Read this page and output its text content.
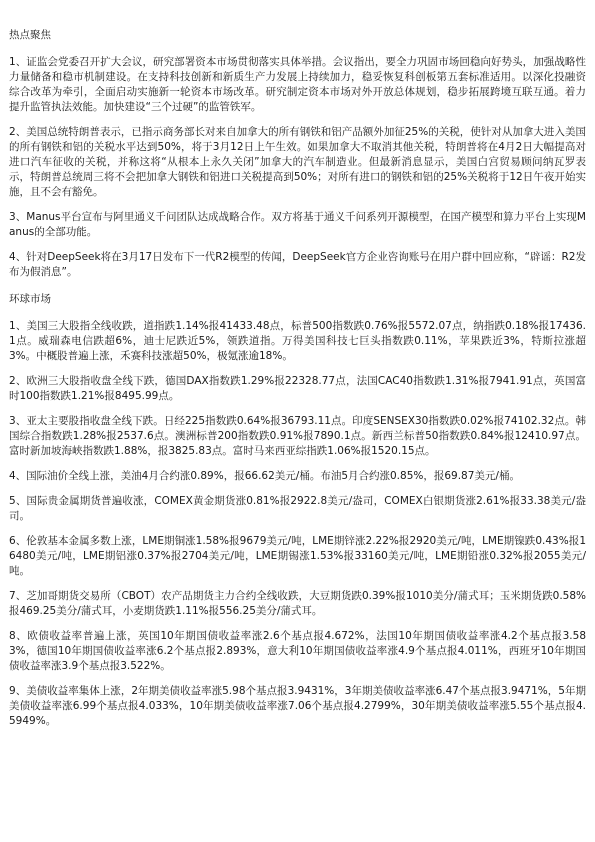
热点聚焦

1、证监会党委召开扩大会议，研究部署资本市场贯彻落实具体举措。会议指出，要全力巩固市场回稳向好势头，加强战略性力量储备和稳市机制建设。在支持科技创新和新质生产力发展上持续加力，稳妥恢复科创板第五套标准适用。以深化投融资综合改革为牵引，全面启动实施新一轮资本市场改革。研究制定资本市场对外开放总体规划，稳步拓展跨境互联互通。着力提升监管执法效能。加快建设“三个过硬”的监管铁军。

2、美国总统特朗普表示，已指示商务部长对来自加拿大的所有钢铁和铝产品额外加征25%的关税，使针对从加拿大进入美国的所有钢铁和铝的关税水平达到50%，将于3月12日上午生效。如果加拿大不取消其他关税，特朗普将在4月2日大幅提高对进口汽车征收的关税，并称这将“从根本上永久关闭”加拿大的汽车制造业。但最新消息显示，美国白宫贸易顾问纳瓦罗表示，特朗普总统周三将不会把加拿大钢铁和铝进口关税提高到50%；对所有进口的钢铁和铝的25%关税将于12日午夜开始实施，且不会有豁免。

3、Manus平台宣布与阿里通义千问团队达成战略合作。双方将基于通义千问系列开源模型，在国产模型和算力平台上实现Manus的全部功能。

4、针对DeepSeek将在3月17日发布下一代R2模型的传闻，DeepSeek官方企业咨询账号在用户群中回应称，“辟谣：R2发布为假消息”。

环球市场

1、美国三大股指全线收跌，道指跌1.14%报41433.48点，标普500指数跌0.76%报5572.07点，纳指跌0.18%报17436.1点。威瑞森电信跌超6%，迪士尼跌近5%，领跌道指。万得美国科技七巨头指数跌0.11%，苹果跌近3%，特斯拉涨超3%。中概股普遍上涨，禾赛科技涨超50%，极氪涨逾18%。

2、欧洲三大股指收盘全线下跌，德国DAX指数跌1.29%报22328.77点，法国CAC40指数跌1.31%报7941.91点，英国富时100指数跌1.21%报8495.99点。

3、亚太主要股指收盘全线下跌。日经225指数跌0.64%报36793.11点。印度SENSEX30指数跌0.02%报74102.32点。韩国综合指数跌1.28%报2537.6点。澳洲标普200指数跌0.91%报7890.1点。新西兰标普50指数跌0.84%报12410.97点。富时新加坡海峡指数跌1.88%，报3825.83点。富时马来西亚综指跌1.06%报1520.15点。

4、国际油价全线上涨，美油4月合约涨0.89%，报66.62美元/桶。布油5月合约涨0.85%，报69.87美元/桶。

5、国际贵金属期货普遍收涨，COMEX黄金期货涨0.81%报2922.8美元/盎司，COMEX白银期货涨2.61%报33.38美元/盎司。

6、伦敦基本金属多数上涨，LME期铜涨1.58%报9679美元/吨，LME期锌涨2.22%报2920美元/吨，LME期镍跌0.43%报16480美元/吨，LME期铝涨0.37%报2704美元/吨，LME期锡涨1.53%报33160美元/吨，LME期铅涨0.32%报2055美元/吨。

7、芝加哥期货交易所（CBOT）农产品期货主力合约全线收跌，大豆期货跌0.39%报1010美分/蒲式耳；玉米期货跌0.58%报469.25美分/蒲式耳，小麦期货跌1.11%报556.25美分/蒲式耳。

8、欧债收益率普遍上涨，英国10年期国债收益率涨2.6个基点报4.672%，法国10年期国债收益率涨4.2个基点报3.583%，德国10年期国债收益率涨6.2个基点报2.893%，意大利10年期国债收益率涨4.9个基点报4.011%，西班牙10年期国债收益率涨3.9个基点报3.522%。

9、美债收益率集体上涨，2年期美债收益率涨5.98个基点报3.9431%，3年期美债收益率涨6.47个基点报3.9471%，5年期美债收益率涨6.99个基点报4.033%，10年期美债收益率涨7.06个基点报4.2799%，30年期美债收益率涨5.55个基点报4.5949%。
